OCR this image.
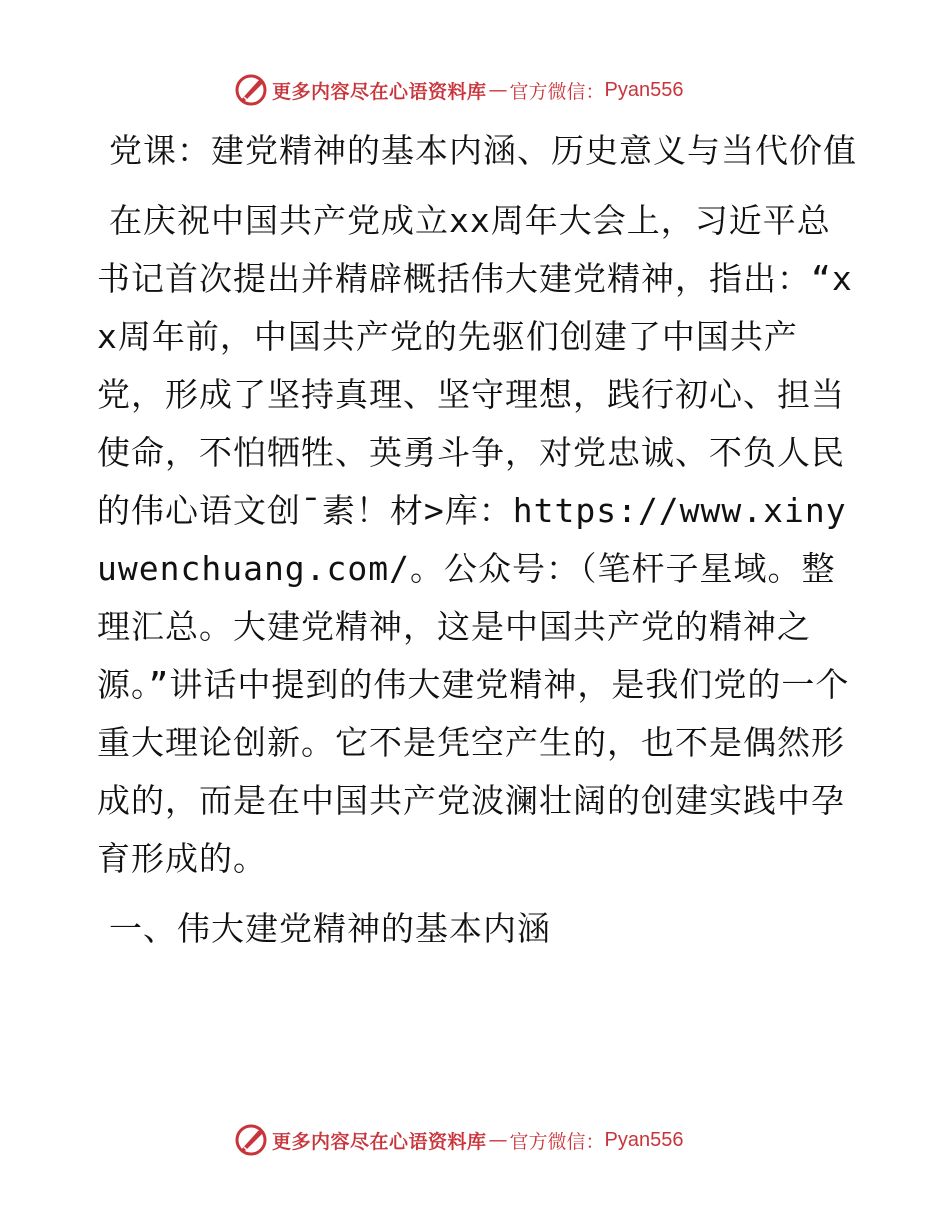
更多内容尽在心语资料库 — 官方微信： Pyan556

党课：建党精神的基本内涵、历史意义与当代价值

在庆祝中国共产党成立xx周年大会上，习近平总书记首次提出并精辟概括伟大建党精神，指出：“xx周年前，中国共产党的先驱们创建了中国共产党，形成了坚持真理、坚守理想，践行初心、担当使命，不怕牺牲、英勇斗争，对党忠诚、不负人民的伟心语文创¯素！材>库：https://www.xinyuwenchuang.com/。公众号：（笔杆子星域。整理汇总。大建党精神，这是中国共产党的精神之源。”讲话中提到的伟大建党精神，是我们党的一个重大理论创新。它不是凭空产生的，也不是偶然形成的，而是在中国共产党波澜壮阔的创建实践中孕育形成的。

一、伟大建党精神的基本内涵

更多内容尽在心语资料库 — 官方微信： Pyan556
